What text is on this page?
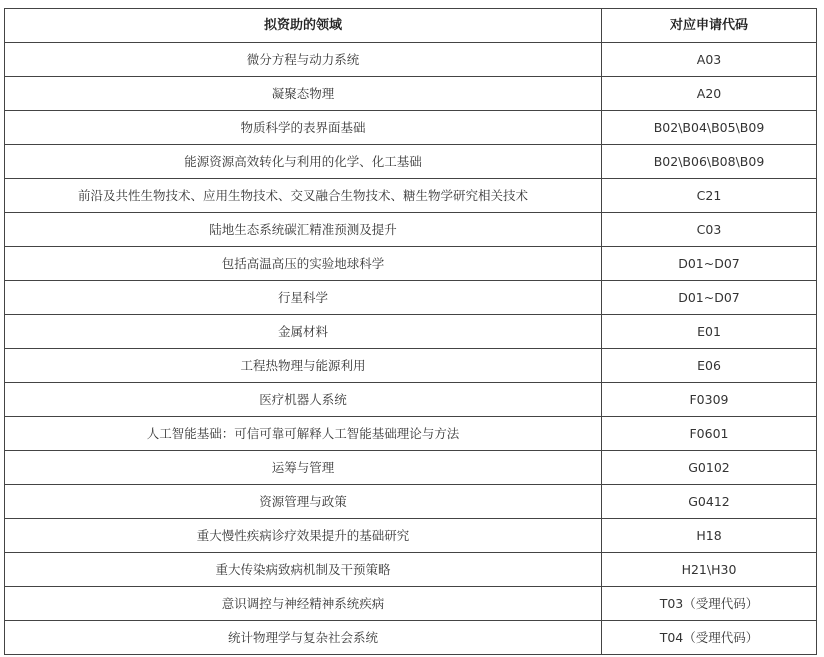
拟资助的领域	对应申请代码
微分方程与动力系统	A03
凝聚态物理	A20
物质科学的表界面基础	B02\B04\B05\B09
能源资源高效转化与利用的化学、化工基础	B02\B06\B08\B09
前沿及共性生物技术、应用生物技术、交叉融合生物技术、糖生物学研究相关技术	C21
陆地生态系统碳汇精准预测及提升	C03
包括高温高压的实验地球科学	D01~D07
行星科学	D01~D07
金属材料	E01
工程热物理与能源利用	E06
医疗机器人系统	F0309
人工智能基础：可信可靠可解释人工智能基础理论与方法	F0601
运筹与管理	G0102
资源管理与政策	G0412
重大慢性疾病诊疗效果提升的基础研究	H18
重大传染病致病机制及干预策略	H21\H30
意识调控与神经精神系统疾病	T03（受理代码）
统计物理学与复杂社会系统	T04（受理代码）
